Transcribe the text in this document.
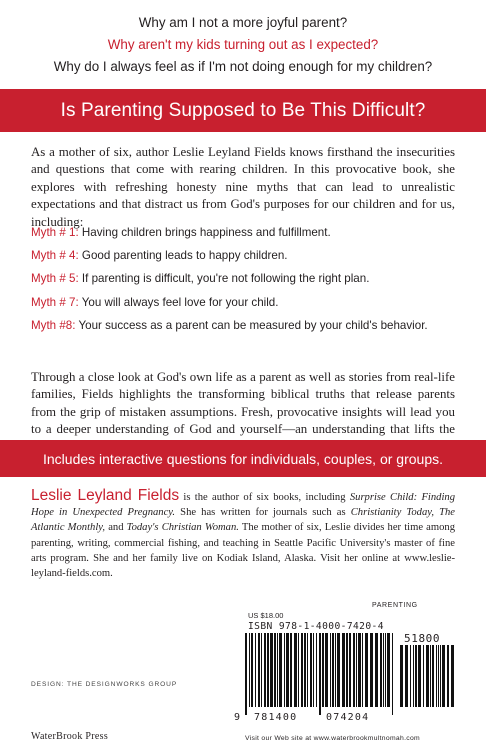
Why am I not a more joyful parent?
Why aren't my kids turning out as I expected?
Why do I always feel as if I'm not doing enough for my children?
Is Parenting Supposed to Be This Difficult?

As a mother of six, author Leslie Leyland Fields knows firsthand the insecurities and questions that come with rearing children. In this provocative book, she explores with refreshing honesty nine myths that can lead to unrealistic expectations and that distract us from God's purposes for our children and for us, including:

Myth # 1: Having children brings happiness and fulfillment.
Myth # 4: Good parenting leads to happy children.
Myth # 5: If parenting is difficult, you're not following the right plan.
Myth # 7: You will always feel love for your child.
Myth #8: Your success as a parent can be measured by your child's behavior.

Through a close look at God's own life as a parent as well as stories from real-life families, Fields highlights the transforming biblical truths that release parents from the grip of mistaken assumptions. Fresh, provocative insights will lead you to a deeper understanding of God and yourself—an understanding that lifts the

Includes interactive questions for individuals, couples, or groups.

Leslie Leyland Fields is the author of six books, including Surprise Child: Finding Hope in Unexpected Pregnancy. She has written for journals such as Christianity Today, The Atlantic Monthly, and Today's Christian Woman. The mother of six, Leslie divides her time among parenting, writing, commercial fishing, and teaching in Seattle Pacific University's master of fine arts program. She and her family live on Kodiak Island, Alaska. Visit her online at www.leslie-leyland-fields.com.

PARENTING
US $18.00
ISBN 978-1-4000-7420-4
51800
9 781400	074204
DESIGN: THE DESIGNWORKS GROUP
WaterBrook Press	Visit our Web site at www.waterbrookmultnomah.com
